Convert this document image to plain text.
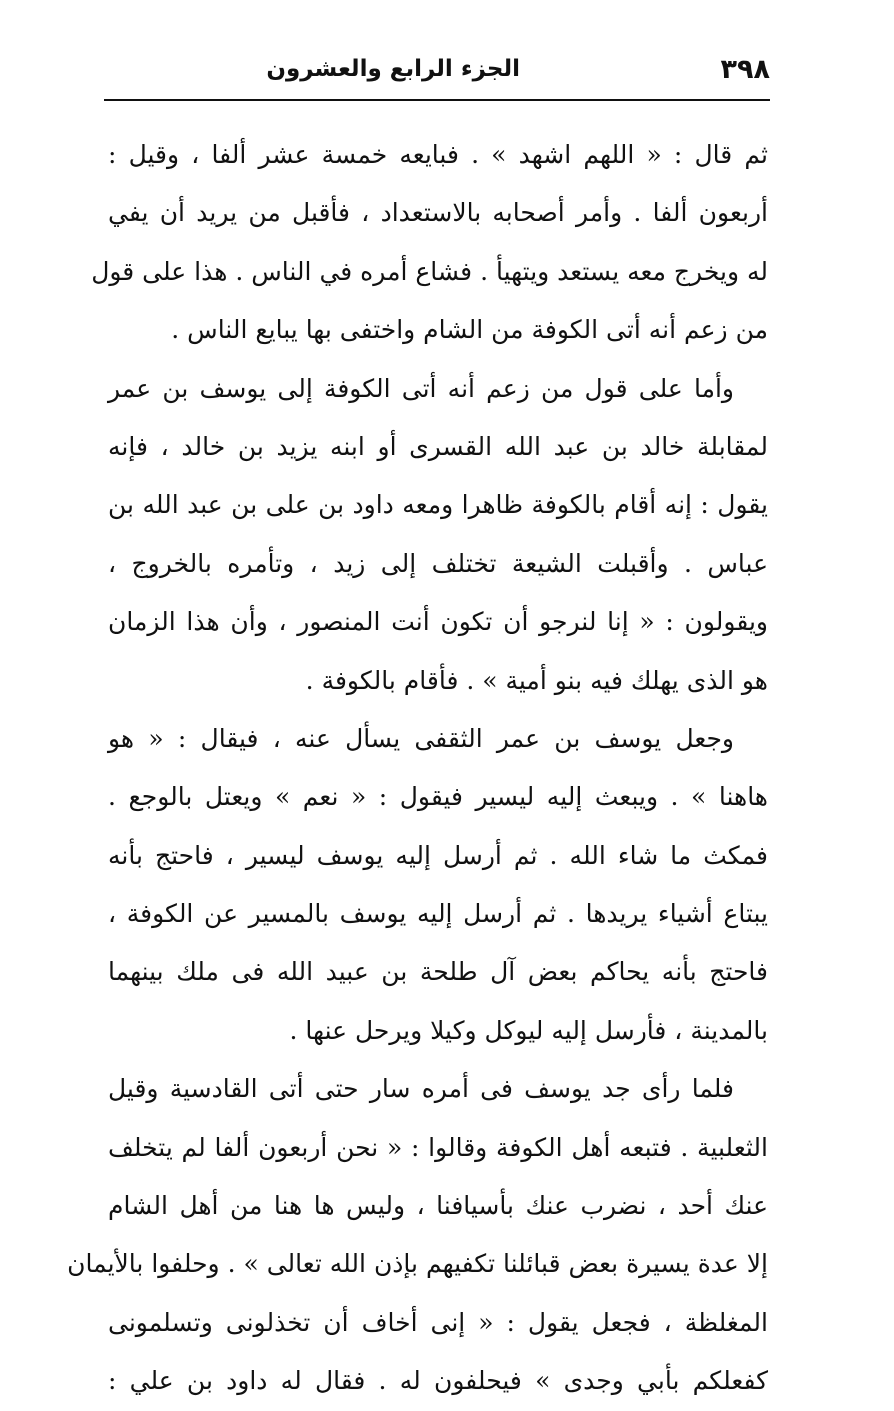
٣٩٨
الجزء الرابع والعشرون
ثم قال : « اللهم اشهد » . فبايعه خمسة عشر ألفا ، وقيل :
أربعون ألفا . وأمر أصحابه بالاستعداد ، فأقبل من يريد أن يفي
له ويخرج معه يستعد ويتهيأ . فشاع أمره في الناس . هذا على قول
من زعم أنه أتى الكوفة من الشام واختفى بها يبايع الناس .
وأما على قول من زعم أنه أتى الكوفة إلى يوسف بن عمر
لمقابلة خالد بن عبد الله القسرى أو ابنه يزيد بن خالد ، فإنه
يقول : إنه أقام بالكوفة ظاهرا ومعه داود بن على بن عبد الله بن
عباس . وأقبلت الشيعة تختلف إلى زيد ، وتأمره بالخروج ،
ويقولون : « إنا لنرجو أن تكون أنت المنصور ، وأن هذا الزمان
هو الذى يهلك فيه بنو أمية » . فأقام بالكوفة .
وجعل يوسف بن عمر الثقفى يسأل عنه ، فيقال : « هو
هاهنا » . ويبعث إليه ليسير فيقول : « نعم » ويعتل بالوجع .
فمكث ما شاء الله . ثم أرسل إليه يوسف ليسير ، فاحتج بأنه
يبتاع أشياء يريدها . ثم أرسل إليه يوسف بالمسير عن الكوفة ،
فاحتج بأنه يحاكم بعض آل طلحة بن عبيد الله فى ملك بينهما
بالمدينة ، فأرسل إليه ليوكل وكيلا ويرحل عنها .
فلما رأى جد يوسف فى أمره سار حتى أتى القادسية وقيل
الثعلبية . فتبعه أهل الكوفة وقالوا : « نحن أربعون ألفا لم يتخلف
عنك أحد ، نضرب عنك بأسيافنا ، وليس ها هنا من أهل الشام
إلا عدة يسيرة بعض قبائلنا تكفيهم بإذن الله تعالى » . وحلفوا بالأيمان
المغلظة ، فجعل يقول : « إنى أخاف أن تخذلونى وتسلمونى
كفعلكم بأبي وجدى » فيحلفون له . فقال له داود بن علي :
